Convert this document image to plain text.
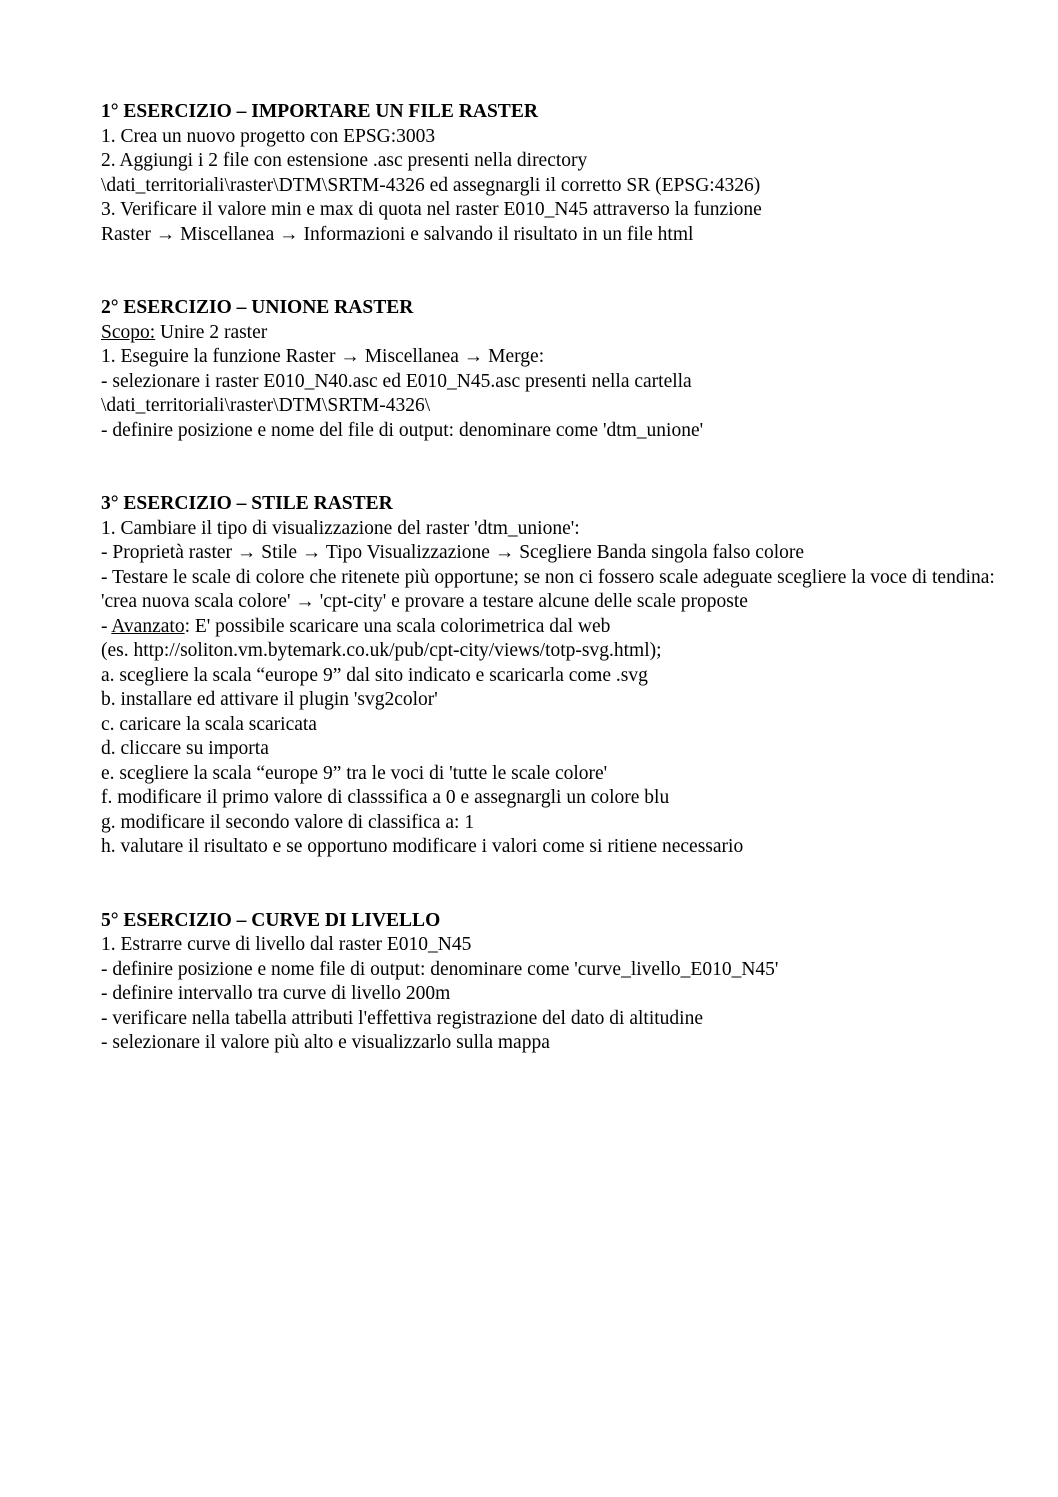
1° ESERCIZIO – IMPORTARE UN FILE RASTER
1. Crea un nuovo progetto con EPSG:3003
2. Aggiungi i 2 file con estensione .asc presenti nella directory
\dati_territoriali\raster\DTM\SRTM-4326 ed assegnargli il corretto SR (EPSG:4326)
3. Verificare il valore min e max di quota nel raster E010_N45 attraverso la funzione
Raster → Miscellanea → Informazioni e salvando il risultato in un file html
2° ESERCIZIO – UNIONE RASTER
Scopo: Unire 2 raster
1. Eseguire la funzione Raster → Miscellanea → Merge:
- selezionare i raster E010_N40.asc ed E010_N45.asc presenti nella cartella
\dati_territoriali\raster\DTM\SRTM-4326\
- definire posizione e nome del file di output: denominare come 'dtm_unione'
3° ESERCIZIO – STILE RASTER
1. Cambiare il tipo di visualizzazione del raster 'dtm_unione':
- Proprietà raster → Stile → Tipo Visualizzazione → Scegliere Banda singola falso colore
- Testare le scale di colore che ritenete più opportune; se non ci fossero scale adeguate scegliere la voce di tendina:
'crea nuova scala colore' → 'cpt-city' e provare a testare alcune delle scale proposte
- Avanzato: E' possibile scaricare una scala colorimetrica dal web
(es. http://soliton.vm.bytemark.co.uk/pub/cpt-city/views/totp-svg.html);
a. scegliere la scala “europe 9” dal sito indicato e scaricarla come .svg
b. installare ed attivare il plugin 'svg2color'
c. caricare la scala scaricata
d. cliccare su importa
e. scegliere la scala “europe 9” tra le voci di 'tutte le scale colore'
f. modificare il primo valore di classsifica a 0 e assegnargli un colore blu
g. modificare il secondo valore di classifica a: 1
h. valutare il risultato e se opportuno modificare i valori come si ritiene necessario
5° ESERCIZIO – CURVE DI LIVELLO
1. Estrarre curve di livello dal raster E010_N45
- definire posizione e nome file di output: denominare come 'curve_livello_E010_N45'
- definire intervallo tra curve di livello 200m
- verificare nella tabella attributi l'effettiva registrazione del dato di altitudine
- selezionare il valore più alto e visualizzarlo sulla mappa
